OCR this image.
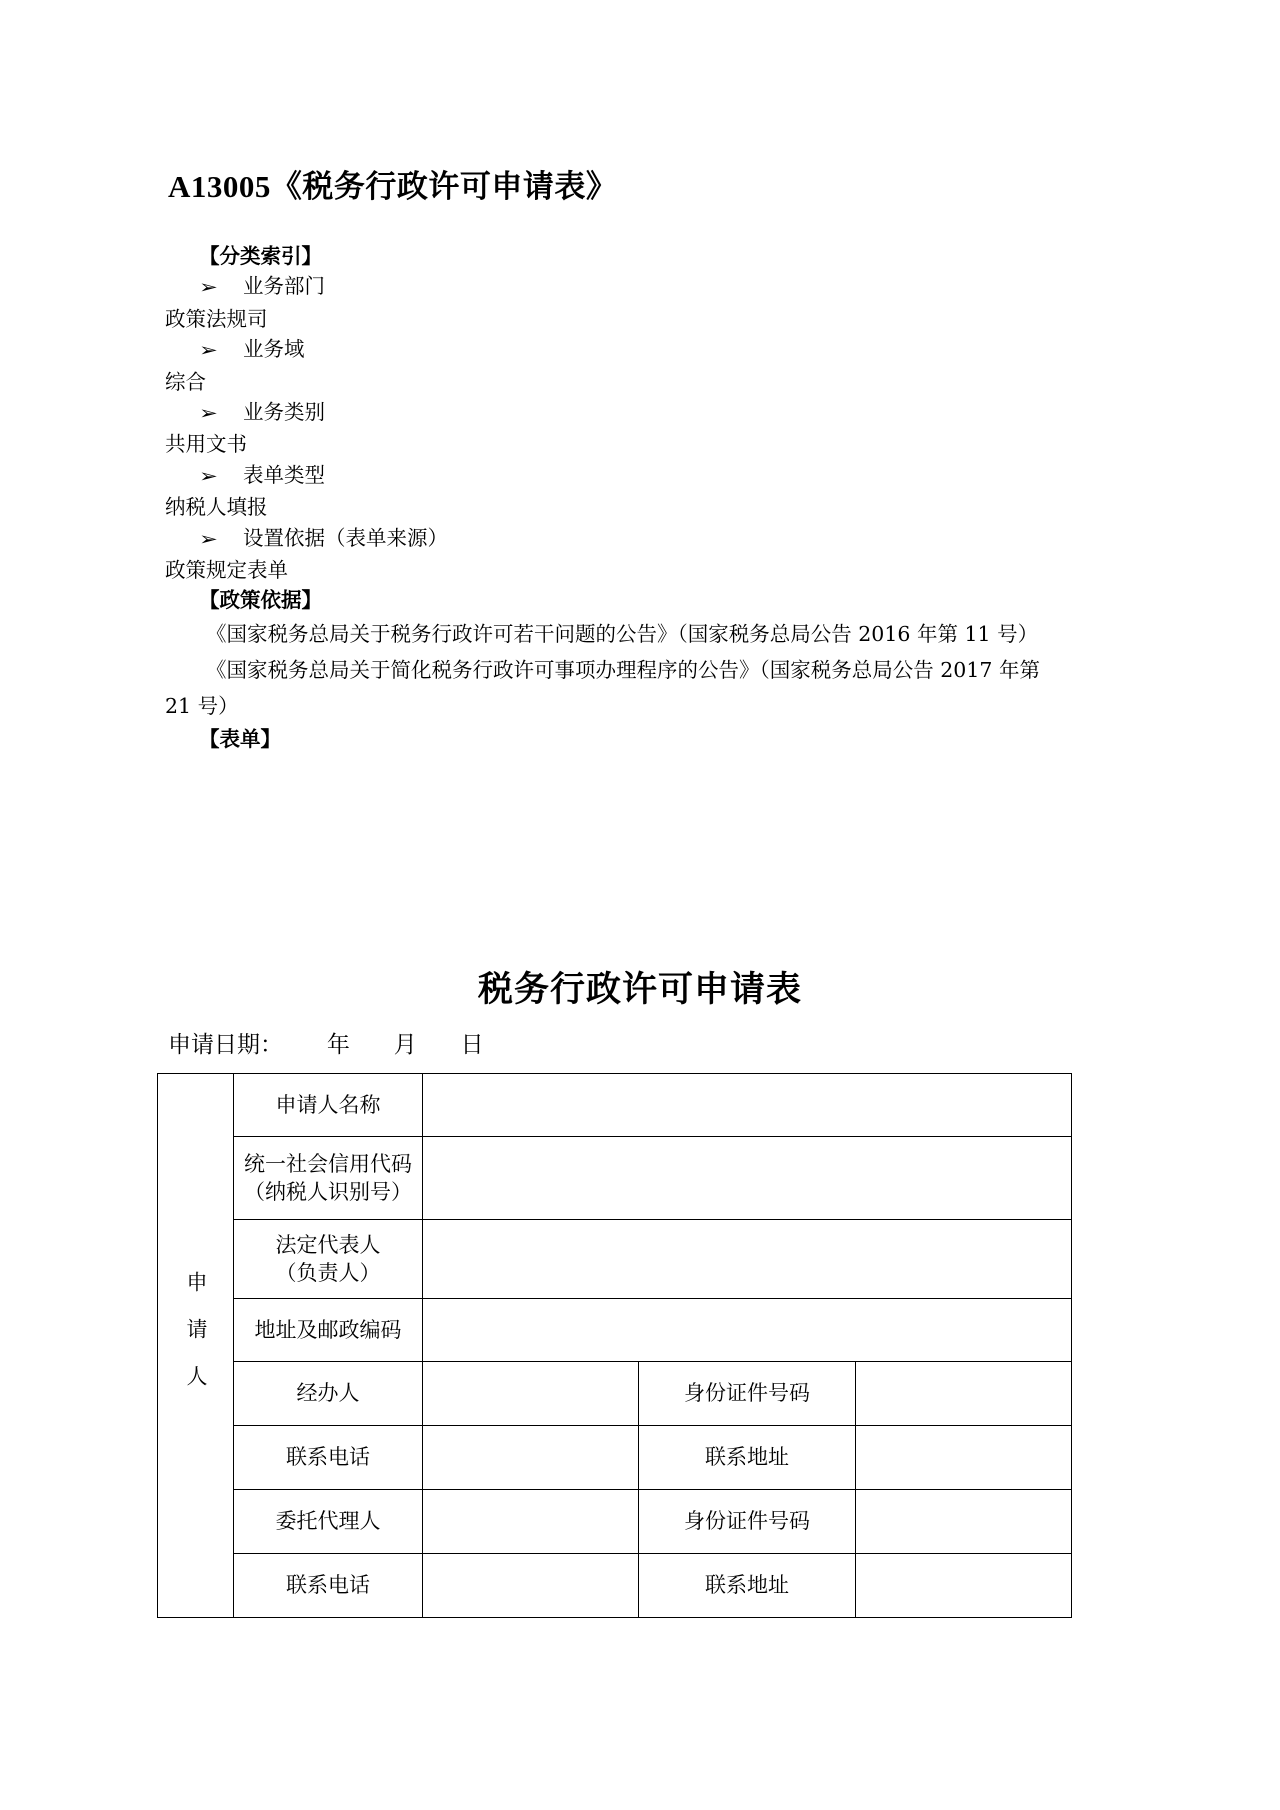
A13005《税务行政许可申请表》
【分类索引】
➢ 业务部门
政策法规司
➢ 业务域
综合
➢ 业务类别
共用文书
➢ 表单类型
纳税人填报
➢ 设置依据（表单来源）
政策规定表单
【政策依据】
《国家税务总局关于税务行政许可若干问题的公告》（国家税务总局公告 2016 年第 11 号）
《国家税务总局关于简化税务行政许可事项办理程序的公告》（国家税务总局公告 2017 年第 21 号）
【表单】
税务行政许可申请表
申请日期：      年      月      日
申请人	申请人名称			

	统一社会信用代码
（纳税人识别号）			

	法定代表人
（负责人）			

	地址及邮政编码			
	经办人		身份证件号码	
	联系电话		联系地址	
	委托代理人		身份证件号码	
	联系电话		联系地址	
